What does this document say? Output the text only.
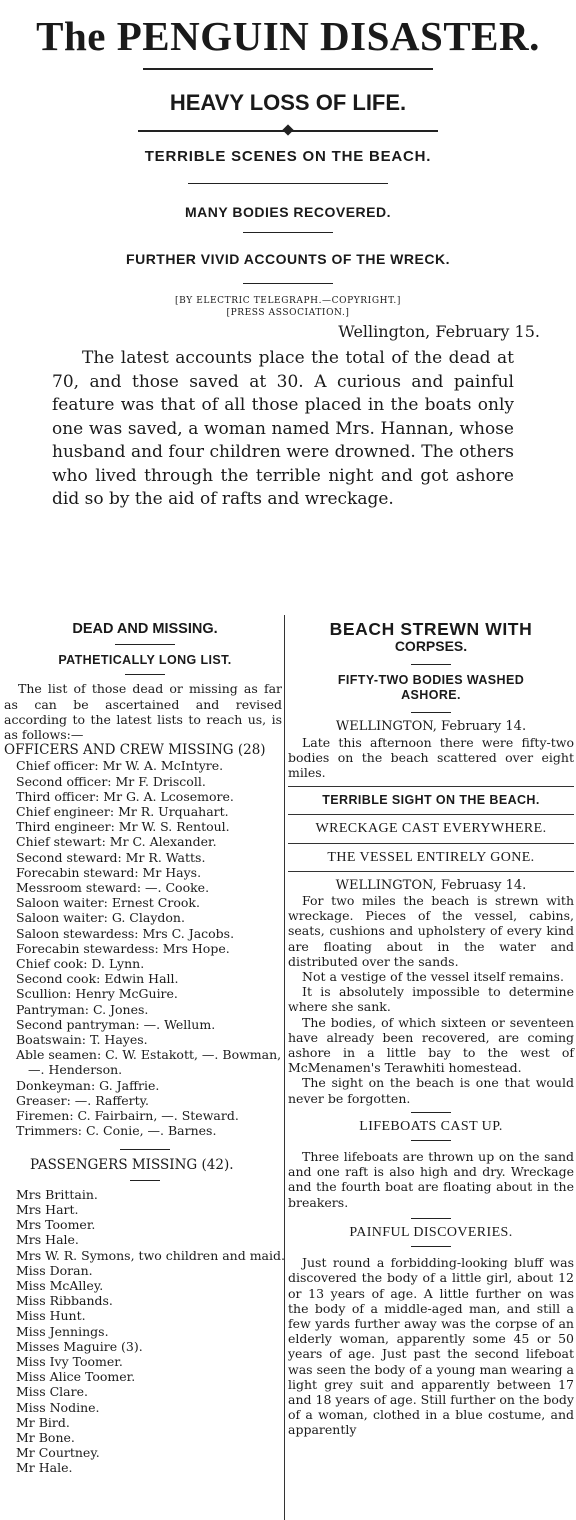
The PENGUIN DISASTER.
HEAVY LOSS OF LIFE.
TERRIBLE SCENES ON THE BEACH.
MANY BODIES RECOVERED.
FURTHER VIVID ACCOUNTS OF THE WRECK.
[BY ELECTRIC TELEGRAPH.—COPYRIGHT.]
[PRESS ASSOCIATION.]
Wellington, February 15.

The latest accounts place the total of the dead at 70, and those saved at 30. A curious and painful feature was that of all those placed in the boats only one was saved, a woman named Mrs. Hannan, whose husband and four children were drowned. The others who lived through the terrible night and got ashore did so by the aid of rafts and wreckage.

DEAD AND MISSING.
PATHETICALLY LONG LIST.

The list of those dead or missing as far as can be ascertained and revised according to the latest lists to reach us, is as follows:—

OFFICERS AND CREW MISSING (28)
Chief officer: Mr W. A. McIntyre.
Second officer: Mr F. Driscoll.
Third officer: Mr G. A. Lcosemore.
Chief engineer: Mr R. Urquahart.
Third engineer: Mr W. S. Rentoul.
Chief stewart: Mr C. Alexander.
Second steward: Mr R. Watts.
Forecabin steward: Mr Hays.
Messroom steward: —. Cooke.
Saloon waiter: Ernest Crook.
Saloon waiter: G. Claydon.
Saloon stewardess: Mrs C. Jacobs.
Forecabin stewardess: Mrs Hope.
Chief cook: D. Lynn.
Second cook: Edwin Hall.
Scullion: Henry McGuire.
Pantryman: C. Jones.
Second pantryman: —. Wellum.
Boatswain: T. Hayes.
Able seamen: C. W. Estakott, —. Bowman, —. Henderson.
Donkeyman: G. Jaffrie.
Greaser: —. Rafferty.
Firemen: C. Fairbairn, —. Steward.
Trimmers: C. Conie, —. Barnes.
PASSENGERS MISSING (42).
Mrs Brittain.
Mrs Hart.
Mrs Toomer.
Mrs Hale.
Mrs W. R. Symons, two children and maid.
Miss Doran.
Miss McAlley.
Miss Ribbands.
Miss Hunt.
Miss Jennings.
Misses Maguire (3).
Miss Ivy Toomer.
Miss Alice Toomer.
Miss Clare.
Miss Nodine.
Mr Bird.
Mr Bone.
Mr Courtney.
Mr Hale.
BEACH STREWN WITH
CORPSES.
FIFTY-TWO BODIES WASHED ASHORE.
WELLINGTON, February 14.

Late this afternoon there were fifty-two bodies on the beach scattered over eight miles.

TERRIBLE SIGHT ON THE BEACH.
WRECKAGE CAST EVERYWHERE.
THE VESSEL ENTIRELY GONE.
WELLINGTON, Februasy 14.

For two miles the beach is strewn with wreckage. Pieces of the vessel, cabins, seats, cushions and upholstery of every kind are floating about in the water and distributed over the sands.

Not a vestige of the vessel itself remains.

It is absolutely impossible to determine where she sank.

The bodies, of which sixteen or seventeen have already been recovered, are coming ashore in a little bay to the west of McMenamen's Terawhiti homestead.

The sight on the beach is one that would never be forgotten.

LIFEBOATS CAST UP.

Three lifeboats are thrown up on the sand and one raft is also high and dry. Wreckage and the fourth boat are floating about in the breakers.

PAINFUL DISCOVERIES.

Just round a forbidding-looking bluff was discovered the body of a little girl, about 12 or 13 years of age. A little further on was the body of a middle-aged man, and still a few yards further away was the corpse of an elderly woman, apparently some 45 or 50 years of age. Just past the second lifeboat was seen the body of a young man wearing a light grey suit and apparently between 17 and 18 years of age. Still further on the body of a woman, clothed in a blue costume, and apparently
